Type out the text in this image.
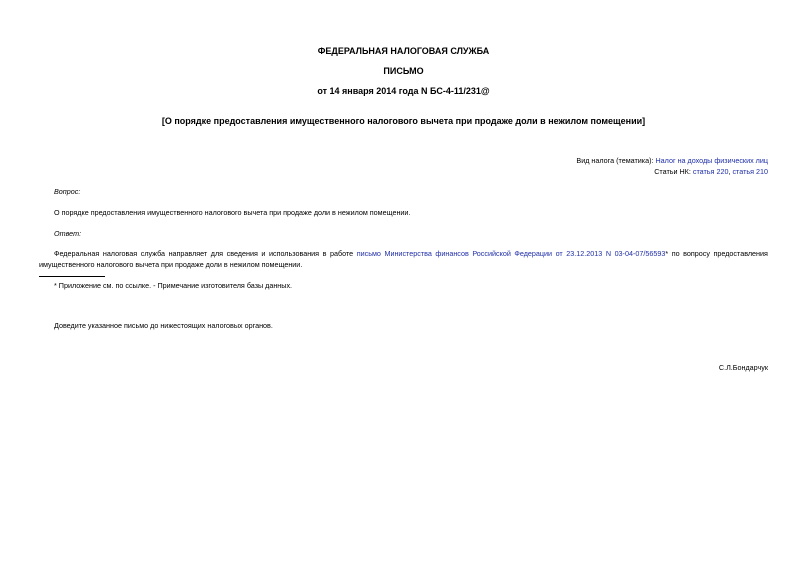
ФЕДЕРАЛЬНАЯ НАЛОГОВАЯ СЛУЖБА
ПИСЬМО
от 14 января 2014 года N БС-4-11/231@
[О порядке предоставления имущественного налогового вычета при продаже доли в нежилом помещении]
Вид налога (тематика): Налог на доходы физических лиц
Статьи НК: статья 220, статья 210
Вопрос:
О порядке предоставления имущественного налогового вычета при продаже доли в нежилом помещении.
Ответ:
Федеральная налоговая служба направляет для сведения и использования в работе письмо Министерства финансов Российской Федерации от 23.12.2013 N 03-04-07/56593* по вопросу предоставления
имущественного налогового вычета при продаже доли в нежилом помещении.
* Приложение см. по ссылке. - Примечание изготовителя базы данных.
Доведите указанное письмо до нижестоящих налоговых органов.
С.Л.Бондарчук
